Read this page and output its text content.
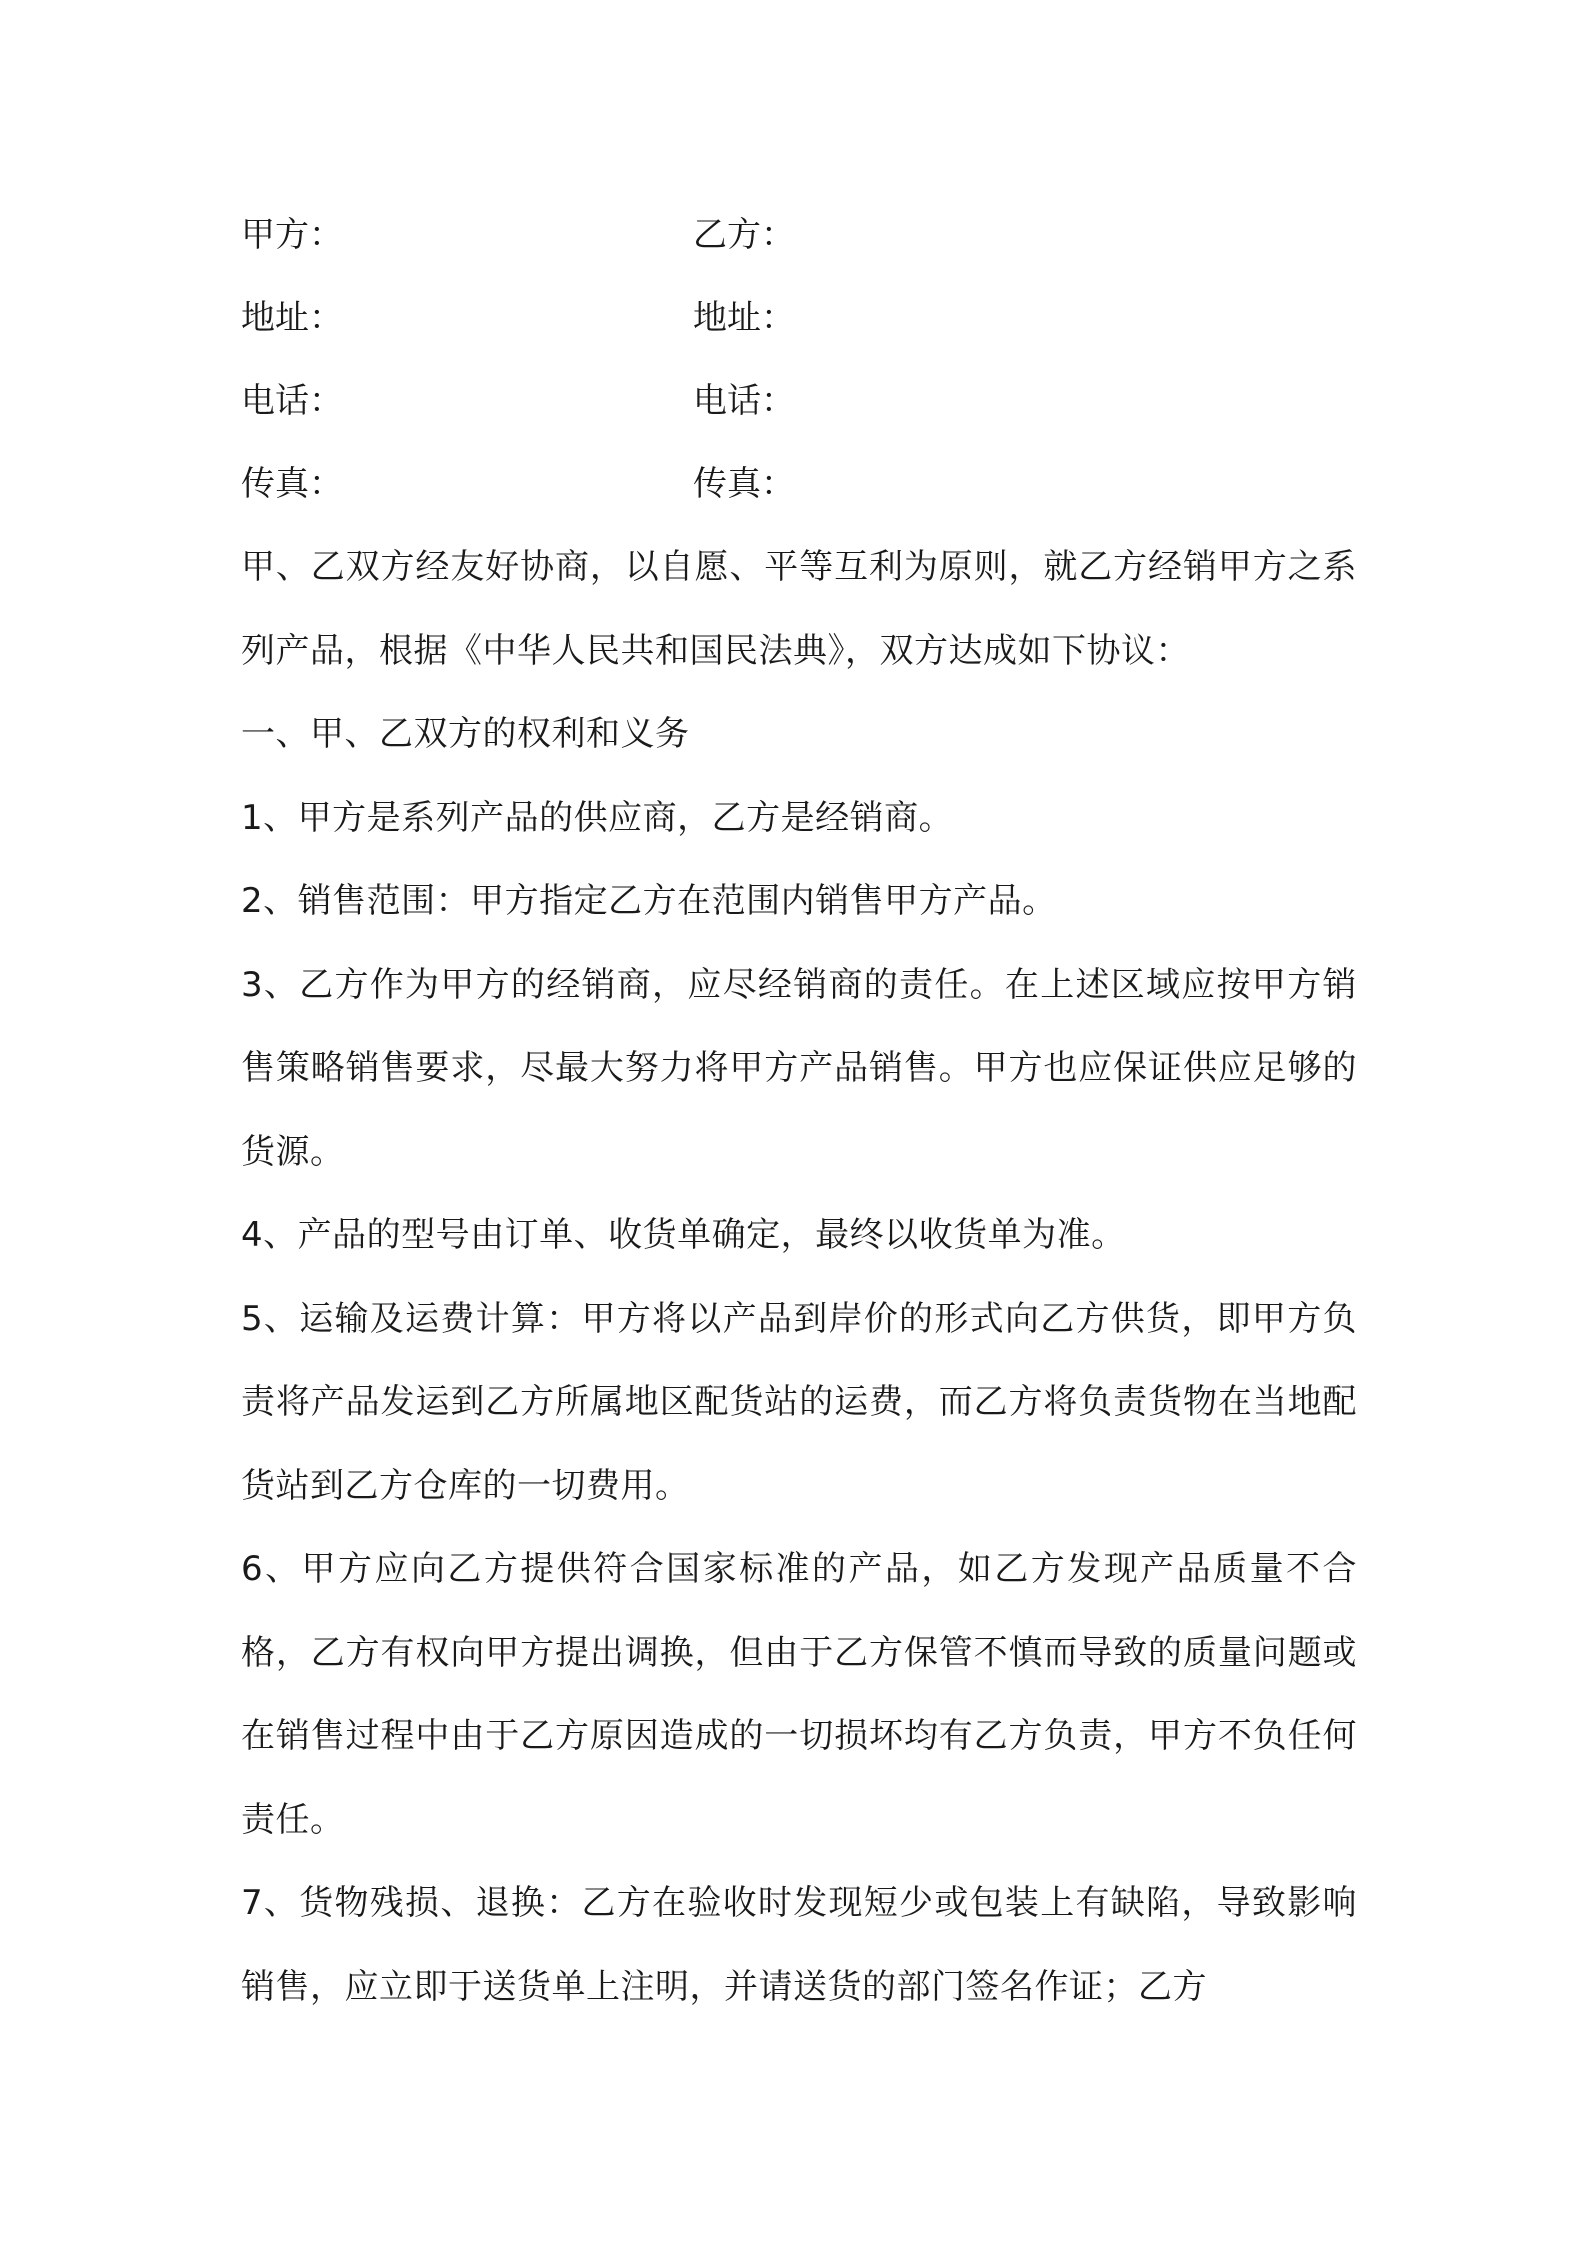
甲方：	乙方：
地址：	地址：
电话：	电话：
传真：	传真：

甲、乙双方经友好协商，以自愿、平等互利为原则，就乙方经销甲方之系列产品，根据《中华人民共和国民法典》，双方达成如下协议：

一、甲、乙双方的权利和义务

1、甲方是系列产品的供应商，乙方是经销商。

2、销售范围：甲方指定乙方在范围内销售甲方产品。

3、乙方作为甲方的经销商，应尽经销商的责任。在上述区域应按甲方销售策略销售要求，尽最大努力将甲方产品销售。甲方也应保证供应足够的货源。

4、产品的型号由订单、收货单确定，最终以收货单为准。

5、运输及运费计算：甲方将以产品到岸价的形式向乙方供货，即甲方负责将产品发运到乙方所属地区配货站的运费，而乙方将负责货物在当地配货站到乙方仓库的一切费用。

6、甲方应向乙方提供符合国家标准的产品，如乙方发现产品质量不合格，乙方有权向甲方提出调换，但由于乙方保管不慎而导致的质量问题或在销售过程中由于乙方原因造成的一切损坏均有乙方负责，甲方不负任何责任。

7、货物残损、退换：乙方在验收时发现短少或包装上有缺陷，导致影响销售，应立即于送货单上注明，并请送货的部门签名作证；乙方
